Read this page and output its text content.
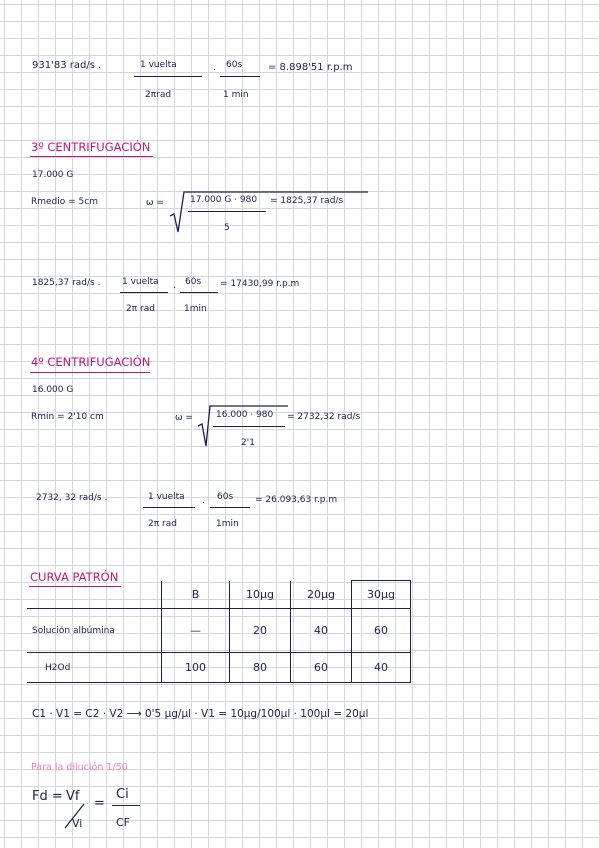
931'83 rad/s .	1 vuelta
2πrad
. 60s
1 min
= 8.898'51 r.p.m
3º CENTRIFUGACIÓN
17.000 G
Rmedio = 5cm	ω =	17.000 G · 980
5
= 1825,37 rad/s
1825,37 rad/s . 1 vuelta
2π rad
. 60s
1min
= 17430,99 r.p.m
4º CENTRIFUGACIÓN
16.000 G
Rmin = 2'10 cm	ω =	16.000 · 980
2'1
= 2732,32 rad/s
2732, 32 rad/s .	1 vuelta
2π rad
. 60s
1min
= 26.093,63 r.p.m
CURVA PATRÓN
	B	10μg	20μg	30μg
Solución albúmina	—	20	40	60
H2Od	100	80	60	40
C1 · V1 = C2 · V2 ⟶ 0'5 μg/μl · V1 = 10μg/100μl · 100μl = 20μl
Para la dilución 1/50
Fd = Vf
Vi
=
Ci
CF
